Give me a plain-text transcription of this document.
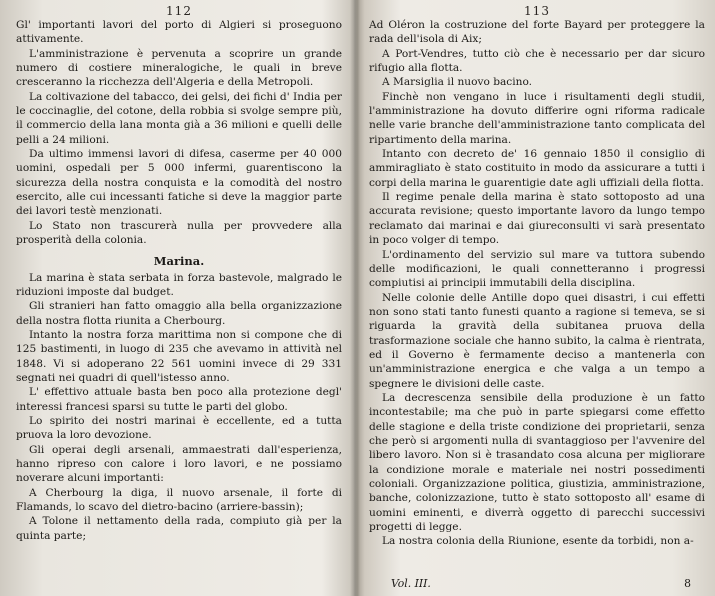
112

Gl' importanti lavori del porto di Algieri si proseguono attivamente.

L'amministrazione è pervenuta a scoprire un grande numero di costiere mineralogiche, le quali in breve cresceranno la ricchezza dell'Algeria e della Metropoli.

La coltivazione del tabacco, dei gelsi, dei fichi d' India per le coccinaglie, del cotone, della robbia si svolge sempre più, il commercio della lana monta già a 36 milioni e quelli delle pelli a 24 milioni.

Da ultimo immensi lavori di difesa, caserme per 40 000 uomini, ospedali per 5 000 infermi, guarentiscono la sicurezza della nostra conquista e la comodità del nostro esercito, alle cui incessanti fatiche si deve la maggior parte dei lavori testè menzionati.

Lo Stato non trascurerà nulla per provvedere alla prosperità della colonia.

Marina.

La marina è stata serbata in forza bastevole, malgrado le riduzioni imposte dal budget.

Gli stranieri han fatto omaggio alla bella organizzazione della nostra flotta riunita a Cherbourg.

Intanto la nostra forza marittima non si compone che di 125 bastimenti, in luogo di 235 che avevamo in attività nel 1848. Vi si adoperano 22 561 uomini invece di 29 331 segnati nei quadri di quell'istesso anno.

L' effettivo attuale basta ben poco alla protezione degl' interessi francesi sparsi su tutte le parti del globo.

Lo spirito dei nostri marinai è eccellente, ed a tutta pruova la loro devozione.

Gli operai degli arsenali, ammaestrati dall'esperienza, hanno ripreso con calore i loro lavori, e ne possiamo noverare alcuni importanti:

A Cherbourg la diga, il nuovo arsenale, il forte di Flamands, lo scavo del dietro-bacino (arriere-bassin);

A Tolone il nettamento della rada, compiuto già per la quinta parte;

113

Ad Oléron la costruzione del forte Bayard per proteggere la rada dell'isola di Aix;

A Port-Vendres, tutto ciò che è necessario per dar sicuro rifugio alla flotta.

A Marsiglia il nuovo bacino.

Finchè non vengano in luce i risultamenti degli studii, l'amministrazione ha dovuto differire ogni riforma radicale nelle varie branche dell'amministrazione tanto complicata del ripartimento della marina.

Intanto con decreto de' 16 gennaio 1850 il consiglio di ammiragliato è stato costituito in modo da assicurare a tutti i corpi della marina le guarentigie date agli uffiziali della flotta.

Il regime penale della marina è stato sottoposto ad una accurata revisione; questo importante lavoro da lungo tempo reclamato dai marinai e dai giureconsulti vi sarà presentato in poco volger di tempo.

L'ordinamento del servizio sul mare va tuttora subendo delle modificazioni, le quali connetteranno i progressi compiutisi ai principii immutabili della disciplina.

Nelle colonie delle Antille dopo quei disastri, i cui effetti non sono stati tanto funesti quanto a ragione si temeva, se si riguarda la gravità della subitanea pruova della trasformazione sociale che hanno subito, la calma è rientrata, ed il Governo è fermamente deciso a mantenerla con un'amministrazione energica e che valga a un tempo a spegnere le divisioni delle caste.

La decrescenza sensibile della produzione è un fatto incontestabile; ma che può in parte spiegarsi come effetto delle stagione e della triste condizione dei proprietarii, senza che però si argomenti nulla di svantaggioso per l'avvenire del libero lavoro. Non si è trasandato cosa alcuna per migliorare la condizione morale e materiale nei nostri possedimenti coloniali. Organizzazione politica, giustizia, amministrazione, banche, colonizzazione, tutto è stato sottoposto all' esame di uomini eminenti, e diverrà oggetto di parecchi successivi progetti di legge.

La nostra colonia della Riunione, esente da torbidi, non a-

Vol. III.	8
